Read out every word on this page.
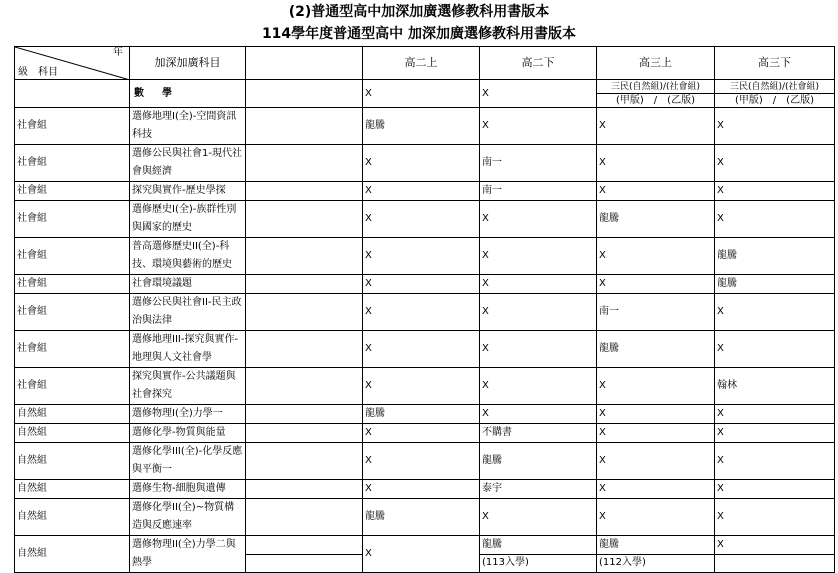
(2)普通型高中加深加廣選修教科用書版本
114學年度普通型高中 加深加廣選修教科用書版本
年
級　科目	加深加廣科目		高二上	高二下	高三上	高三下
	數　學		X	X	三民(自然組)/(社會組)	三民(自然組)/(社會組)
					(甲版)　/　(乙版)	(甲版)　/　(乙版)
社會組	選修地理I(全)-空間資訊科技		龍騰	X	X	X
社會組	選修公民與社會1-現代社會與經濟		X	南一	X	X
社會組	探究與實作-歷史學探		X	南一	X	X
社會組	選修歷史I(全)-族群性別與國家的歷史		X	X	龍騰	X
社會組	普高選修歷史II(全)-科技、環境與藝術的歷史		X	X	X	龍騰
社會組	社會環境議題		X	X	X	龍騰
社會組	選修公民與社會II-民主政治與法律		X	X	南一	X
社會組	選修地理III-探究與實作-地理與人文社會學		X	X	龍騰	X
社會組	探究與實作-公共議題與社會探究		X	X	X	翰林
自然組	選修物理I(全)力學一		龍騰	X	X	X
自然組	選修化學-物質與能量		X	不購書	X	X
自然組	選修化學III(全)-化學反應與平衡一		X	龍騰	X	X
自然組	選修生物-細胞與遺傳		X	泰宇	X	X
自然組	選修化學II(全)~物質構造與反應速率		龍騰	X	X	X
自然組	選修物理II(全)力學二與熱學		X	龍騰	龍騰	X
				(113入學)	(112入學)	
